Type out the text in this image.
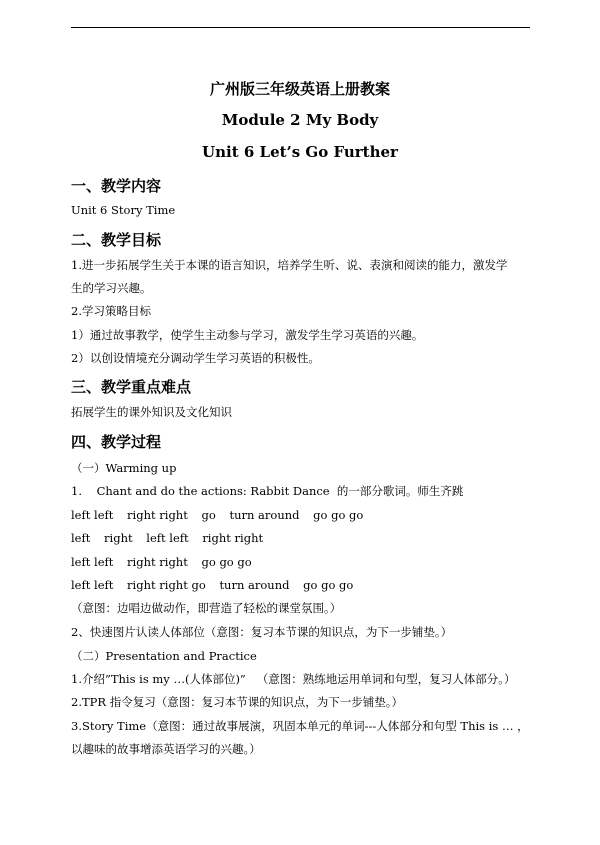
广州版三年级英语上册教案
Module 2 My Body
Unit 6 Let’s Go Further
一、教学内容
Unit 6 Story Time
二、教学目标
1.进一步拓展学生关于本课的语言知识，培养学生听、说、表演和阅读的能力，激发学
生的学习兴趣。
2.学习策略目标
1）通过故事教学，使学生主动参与学习，激发学生学习英语的兴趣。
2）以创设情境充分调动学生学习英语的积极性。
三、教学重点难点
拓展学生的课外知识及文化知识
四、教学过程
（一）Warming up
1.    Chant and do the actions: Rabbit Dance  的一部分歌词。师生齐跳
left left right right go turn around go go go
left right left left right right
left left right right go go go
left left right right go turn around go go go
（意图：边唱边做动作，即营造了轻松的课堂氛围。）
2、快速图片认读人体部位（意图：复习本节课的知识点，为下一步铺垫。）
（二）Presentation and Practice
1.介绍”This is my …(人体部位)”   （意图：熟练地运用单词和句型，复习人体部分。）
2.TPR 指令复习（意图：复习本节课的知识点，为下一步铺垫。）
3.Story Time（意图：通过故事展演，巩固本单元的单词---人体部分和句型 This is … ，
以趣味的故事增添英语学习的兴趣。）
